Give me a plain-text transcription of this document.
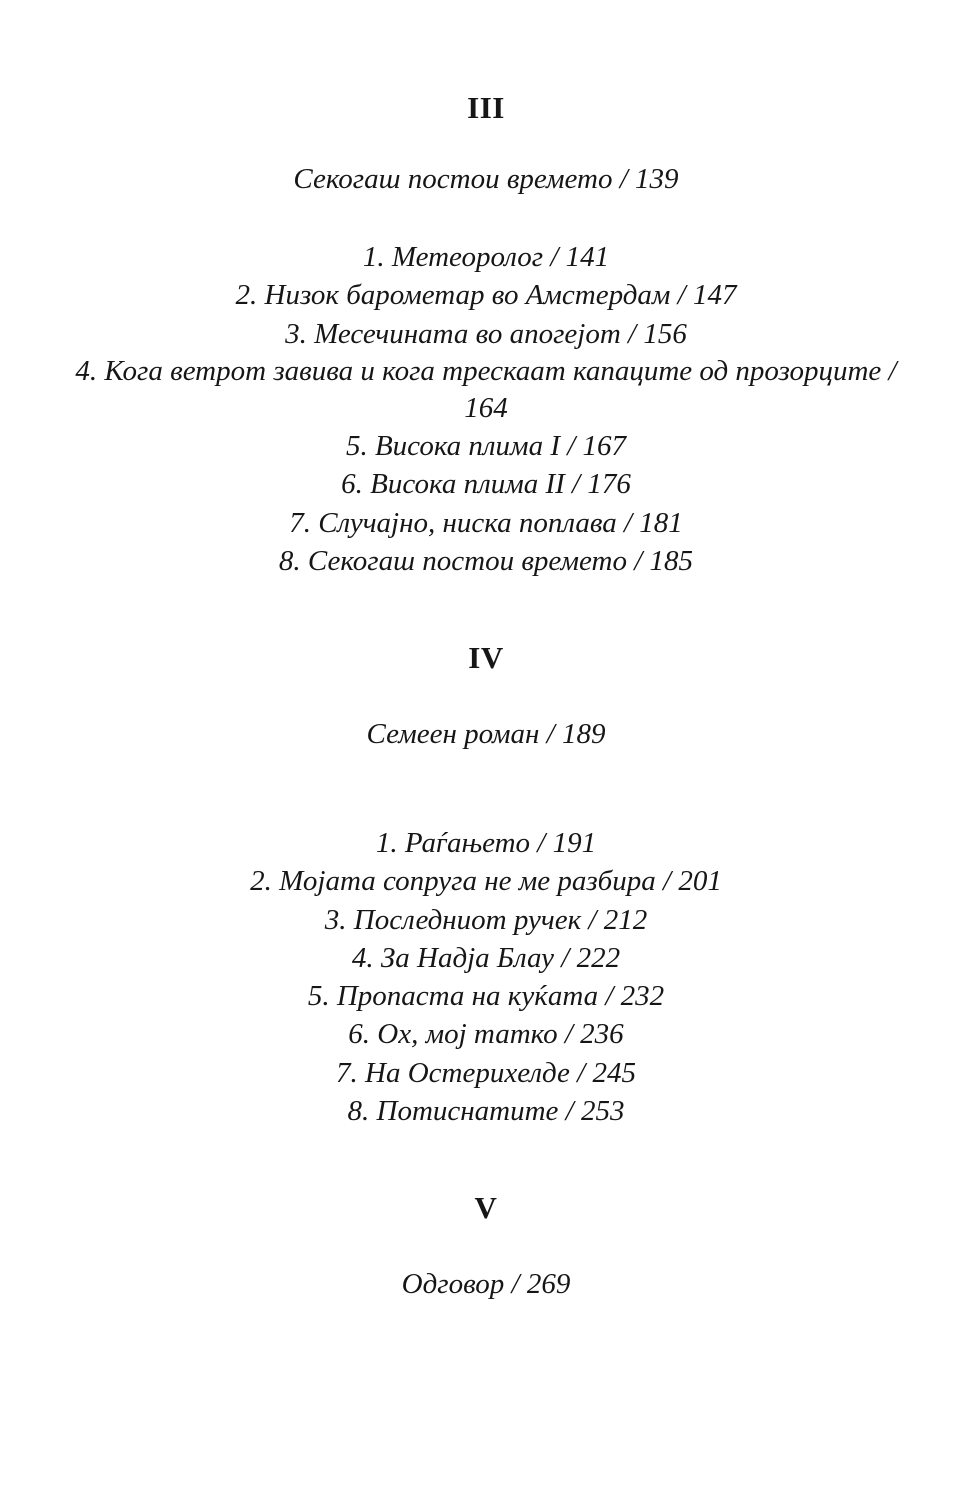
III
Секогаш постои времето / 139
1. Метеоролог / 141
2. Низок барометар во Амстердам / 147
3. Месечината во апогејот / 156
4. Кога ветрот завива и кога трескаат капаците од прозорците / 164
5. Висока плима I / 167
6. Висока плима II / 176
7. Случајно, ниска поплава / 181
8. Секогаш постои времето / 185
IV
Семеен роман / 189
1. Раѓањето / 191
2. Мојата сопруга не ме разбира / 201
3. Последниот ручек / 212
4. За Надја Блау / 222
5. Пропаста на куќата / 232
6. Ох, мој татко / 236
7. На Остерихелде / 245
8. Потиснатите / 253
V
Одговор / 269
